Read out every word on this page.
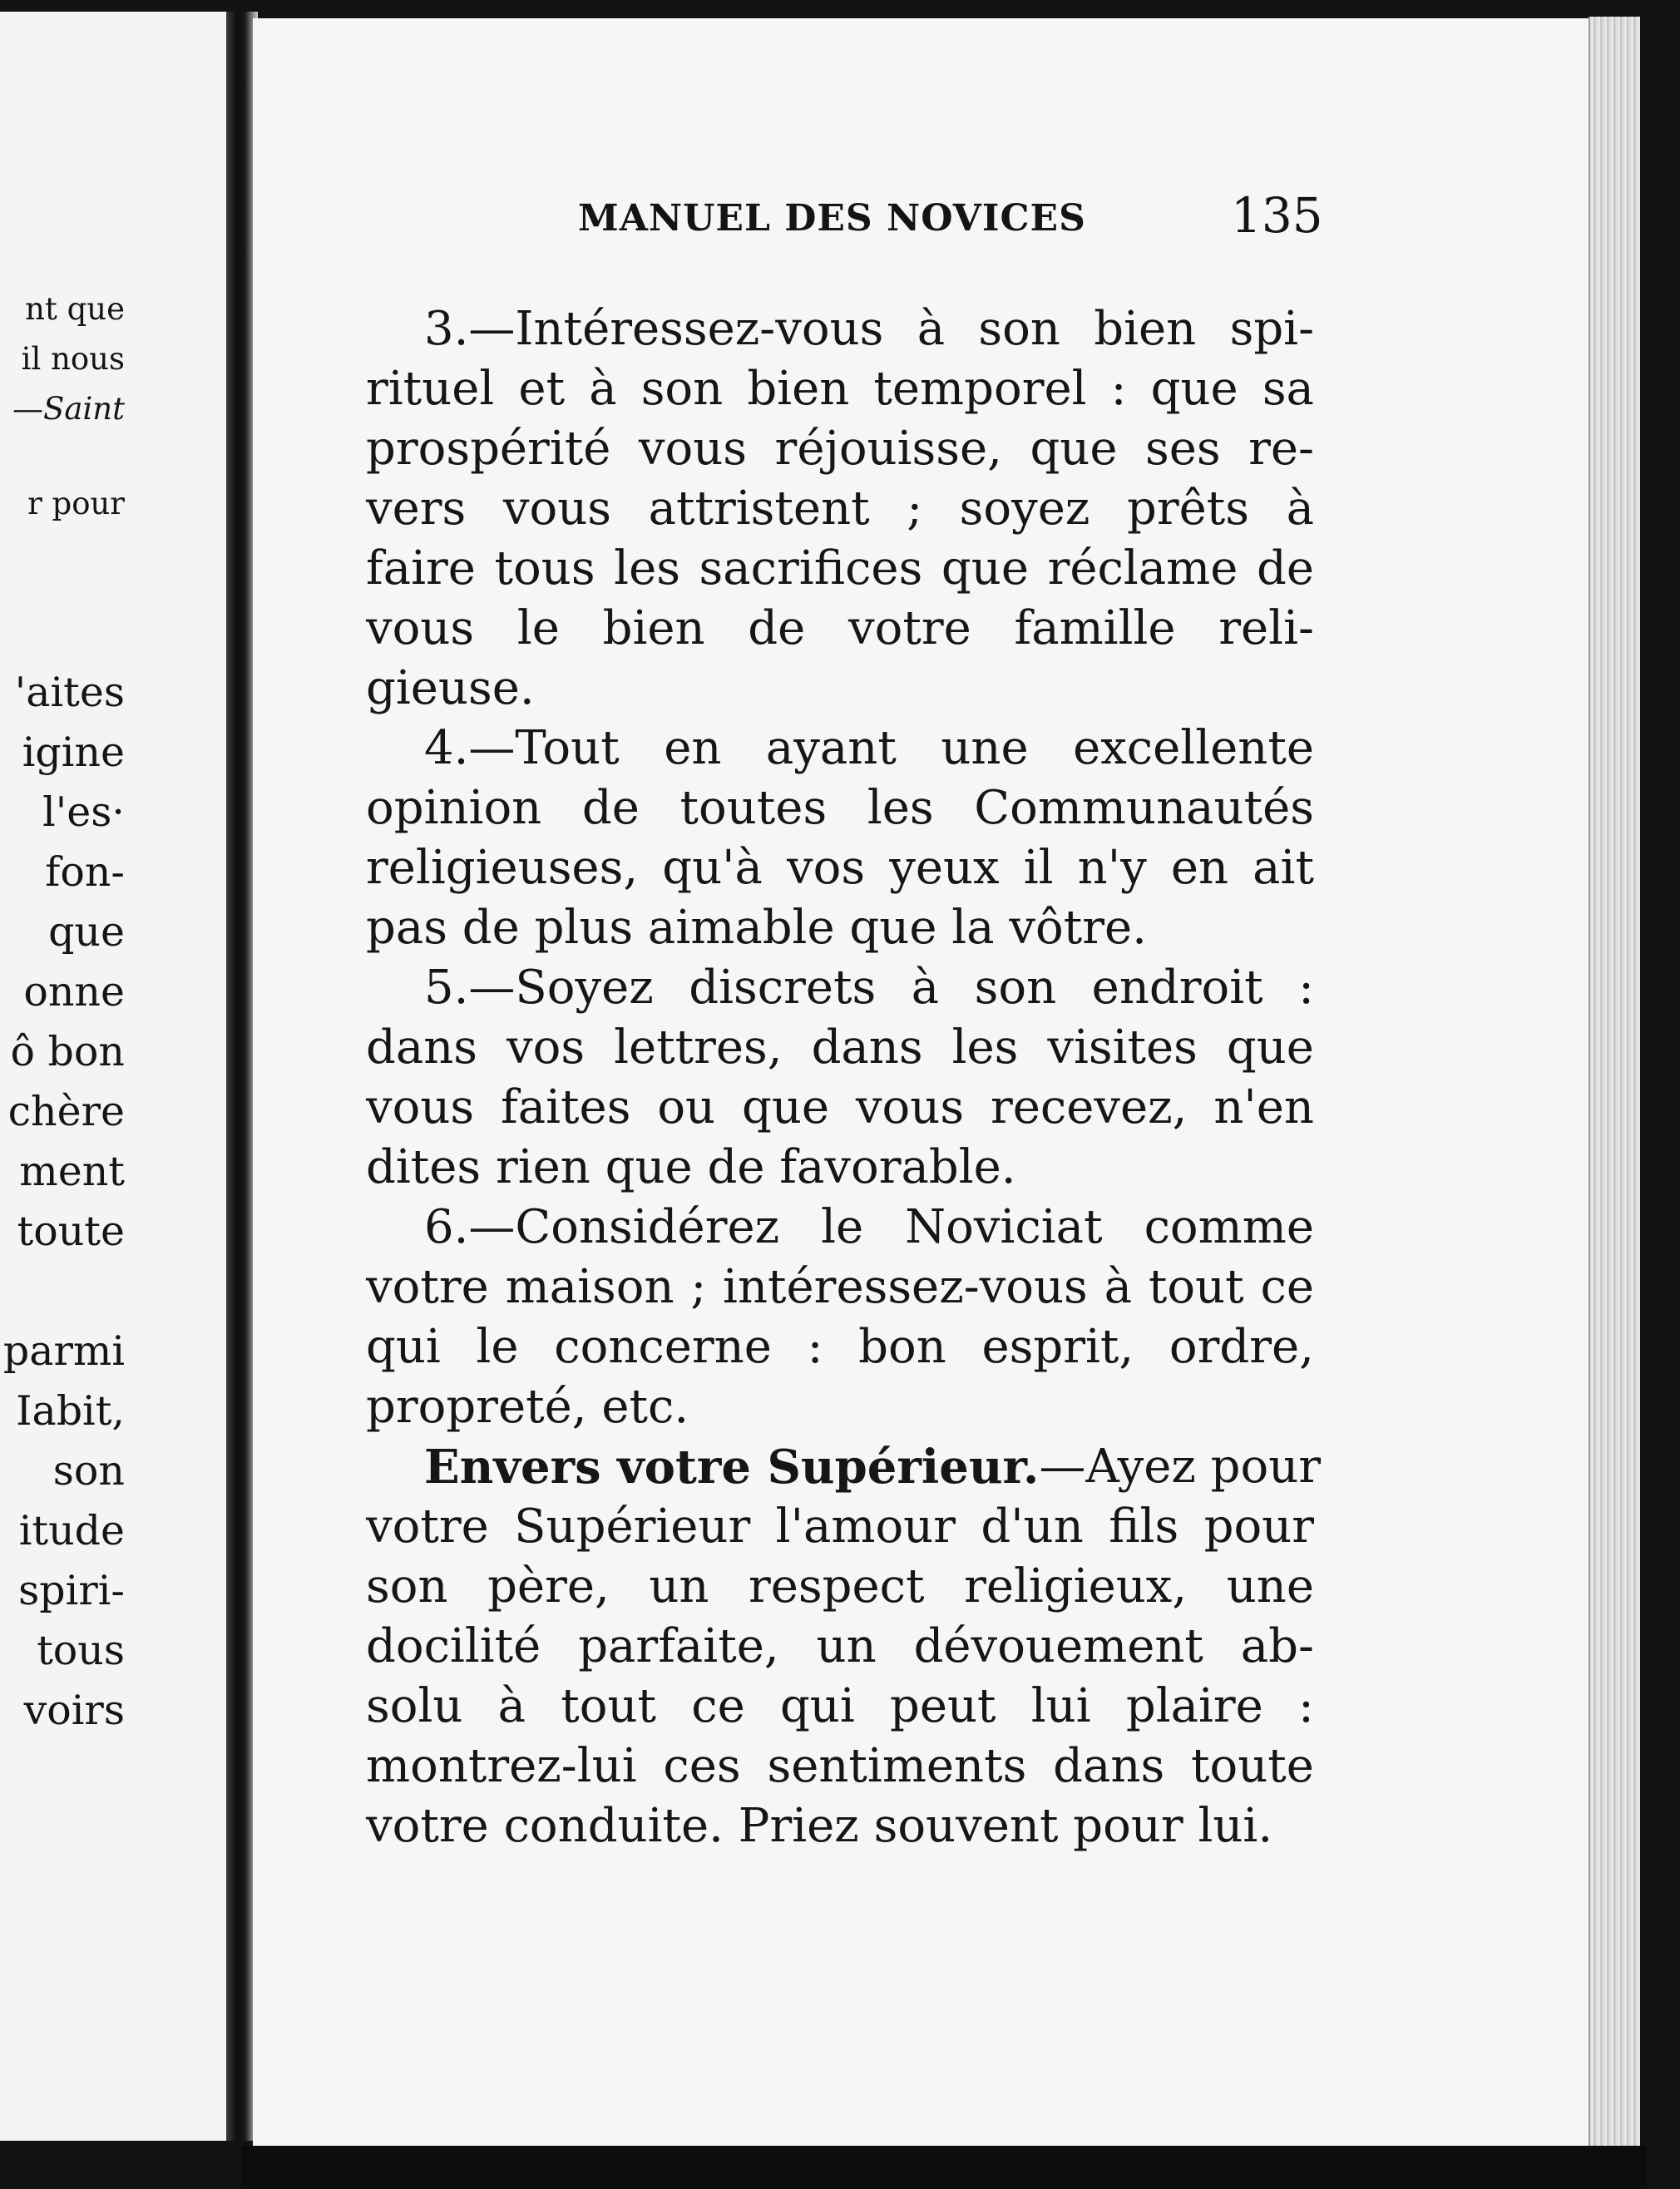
nt que
il nous
—Saint
r pour
'aites
igine
l'es·
fon-
que
onne
ô bon
chère
ment
toute
parmi
Iabit,
son
itude
spiri-
tous
voirs
MANUEL DES NOVICES	135
3.—Intéressez-vous à son bien spi-
rituel et à son bien temporel : que sa
prospérité vous réjouisse, que ses re-
vers vous attristent ; soyez prêts à
faire tous les sacrifices que réclame de
vous le bien de votre famille reli-
gieuse.
4.—Tout en ayant une excellente
opinion de toutes les Communautés
religieuses, qu'à vos yeux il n'y en ait
pas de plus aimable que la vôtre.
5.—Soyez discrets à son endroit :
dans vos lettres, dans les visites que
vous faites ou que vous recevez, n'en
dites rien que de favorable.
6.—Considérez le Noviciat comme
votre maison ; intéressez-vous à tout ce
qui le concerne : bon esprit, ordre,
propreté, etc.
Envers votre Supérieur. —Ayez pour
votre Supérieur l'amour d'un fils pour
son père, un respect religieux, une
docilité parfaite, un dévouement ab-
solu à tout ce qui peut lui plaire :
montrez-lui ces sentiments dans toute
votre conduite. Priez souvent pour lui.
